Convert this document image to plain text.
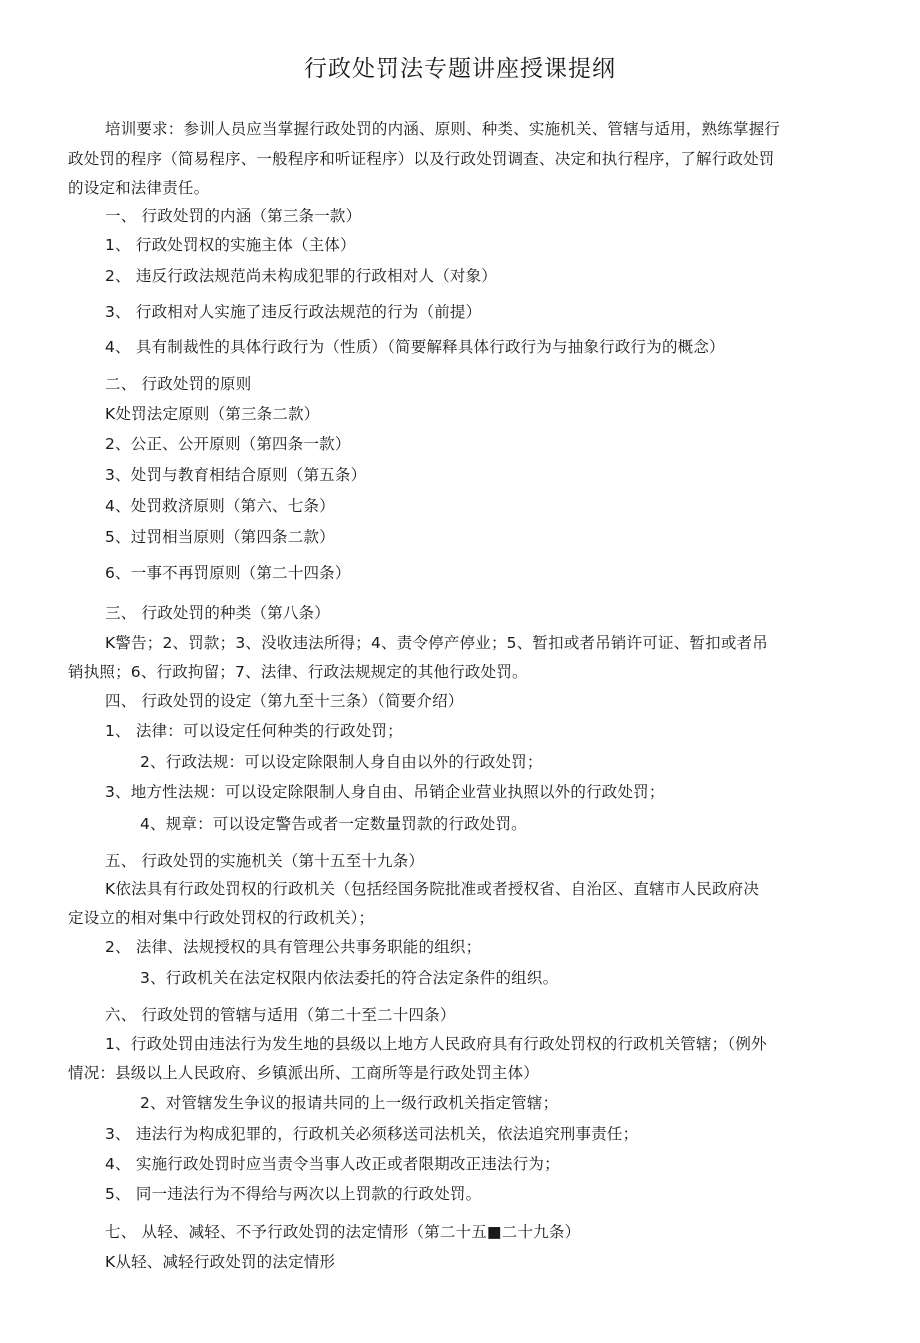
行政处罚法专题讲座授课提纲
培训要求：参训人员应当掌握行政处罚的内涵、原则、种类、实施机关、管辖与适用，熟练掌握行
政处罚的程序（简易程序、一般程序和听证程序）以及行政处罚调查、决定和执行程序，了解行政处罚
的设定和法律责任。
一、 行政处罚的内涵（第三条一款）
1、 行政处罚权的实施主体（主体）
2、 违反行政法规范尚未构成犯罪的行政相对人（对象）
3、 行政相对人实施了违反行政法规范的行为（前提）
4、 具有制裁性的具体行政行为（性质）（简要解释具体行政行为与抽象行政行为的概念）
二、 行政处罚的原则
K处罚法定原则（第三条二款）
2、公正、公开原则（第四条一款）
3、处罚与教育相结合原则（第五条）
4、处罚救济原则（第六、七条）
5、过罚相当原则（第四条二款）
6、一事不再罚原则（第二十四条）
三、 行政处罚的种类（第八条）
K警告；2、罚款；3、没收违法所得；4、责令停产停业；5、暂扣或者吊销许可证、暂扣或者吊
销执照；6、行政拘留；7、法律、行政法规规定的其他行政处罚。
四、 行政处罚的设定（第九至十三条）（简要介绍）
1、 法律：可以设定任何种类的行政处罚；
2、行政法规：可以设定除限制人身自由以外的行政处罚；
3、地方性法规：可以设定除限制人身自由、吊销企业营业执照以外的行政处罚；
4、规章：可以设定警告或者一定数量罚款的行政处罚。
五、 行政处罚的实施机关（第十五至十九条）
K依法具有行政处罚权的行政机关（包括经国务院批准或者授权省、自治区、直辖市人民政府决
定设立的相对集中行政处罚权的行政机关）；
2、 法律、法规授权的具有管理公共事务职能的组织；
3、行政机关在法定权限内依法委托的符合法定条件的组织。
六、 行政处罚的管辖与适用（第二十至二十四条）
1、行政处罚由违法行为发生地的县级以上地方人民政府具有行政处罚权的行政机关管辖；（例外
情况：县级以上人民政府、乡镇派出所、工商所等是行政处罚主体）
2、对管辖发生争议的报请共同的上一级行政机关指定管辖；
3、 违法行为构成犯罪的，行政机关必须移送司法机关，依法追究刑事责任；
4、 实施行政处罚时应当责令当事人改正或者限期改正违法行为；
5、 同一违法行为不得给与两次以上罚款的行政处罚。
七、 从轻、减轻、不予行政处罚的法定情形（第二十五■二十九条）
K从轻、减轻行政处罚的法定情形
